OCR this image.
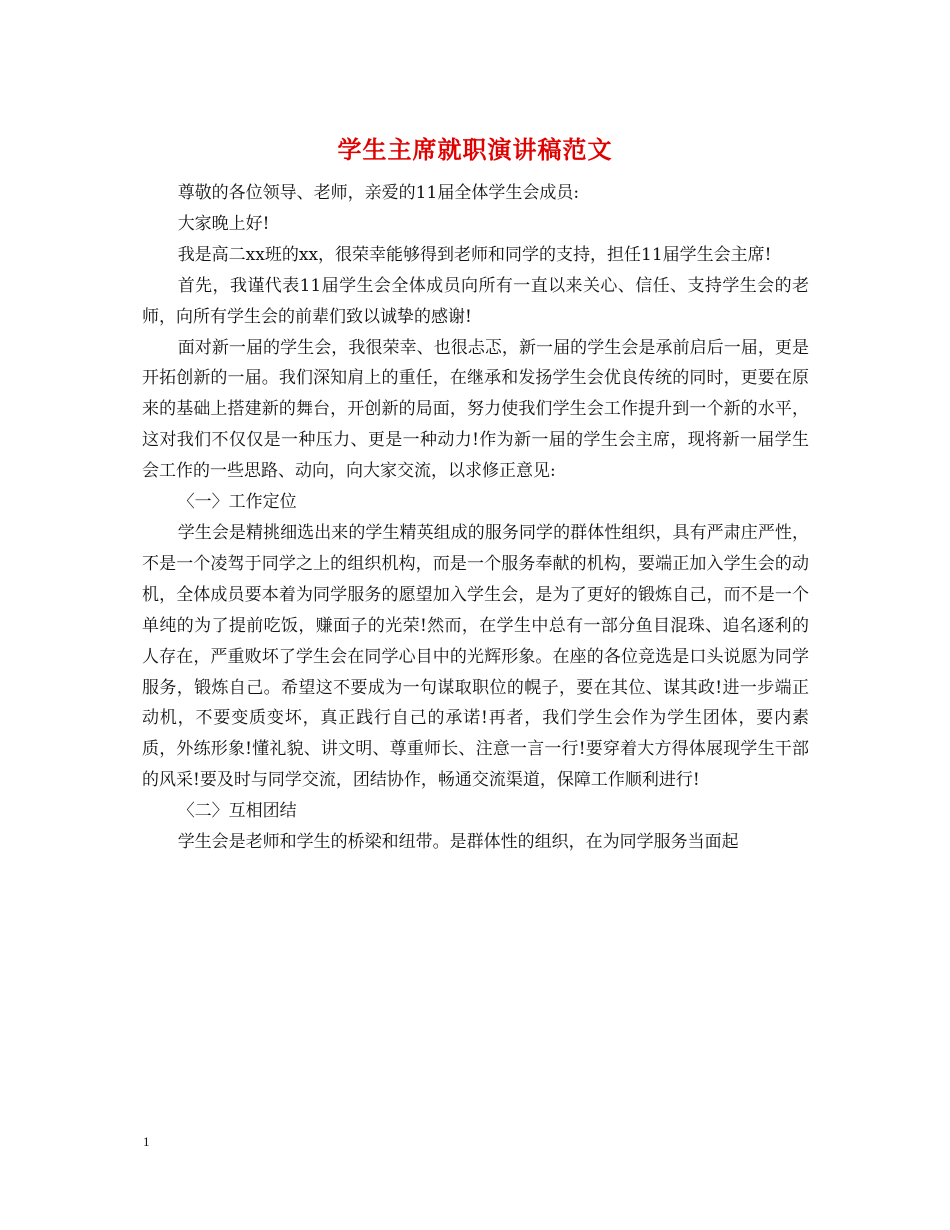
学生主席就职演讲稿范文

尊敬的各位领导、老师，亲爱的11届全体学生会成员:

大家晚上好!

我是高二xx班的xx，很荣幸能够得到老师和同学的支持，担任11届学生会主席!

首先，我谨代表11届学生会全体成员向所有一直以来关心、信任、支持学生会的老师，向所有学生会的前辈们致以诚挚的感谢!

面对新一届的学生会，我很荣幸、也很忐忑，新一届的学生会是承前启后一届，更是开拓创新的一届。我们深知肩上的重任，在继承和发扬学生会优良传统的同时，更要在原来的基础上搭建新的舞台，开创新的局面，努力使我们学生会工作提升到一个新的水平，这对我们不仅仅是一种压力、更是一种动力!作为新一届的学生会主席，现将新一届学生会工作的一些思路、动向，向大家交流，以求修正意见:

〈一〉工作定位

学生会是精挑细选出来的学生精英组成的服务同学的群体性组织，具有严肃庄严性，不是一个凌驾于同学之上的组织机构，而是一个服务奉献的机构，要端正加入学生会的动机，全体成员要本着为同学服务的愿望加入学生会，是为了更好的锻炼自己，而不是一个单纯的为了提前吃饭，赚面子的光荣!然而，在学生中总有一部分鱼目混珠、追名逐利的人存在，严重败坏了学生会在同学心目中的光辉形象。在座的各位竞选是口头说愿为同学服务，锻炼自己。希望这不要成为一句谋取职位的幌子，要在其位、谋其政!进一步端正动机，不要变质变坏，真正践行自己的承诺!再者，我们学生会作为学生团体，要内素质，外练形象!懂礼貌、讲文明、尊重师长、注意一言一行!要穿着大方得体展现学生干部的风采!要及时与同学交流，团结协作，畅通交流渠道，保障工作顺利进行!

〈二〉互相团结

学生会是老师和学生的桥梁和纽带。是群体性的组织，在为同学服务当面起

1
